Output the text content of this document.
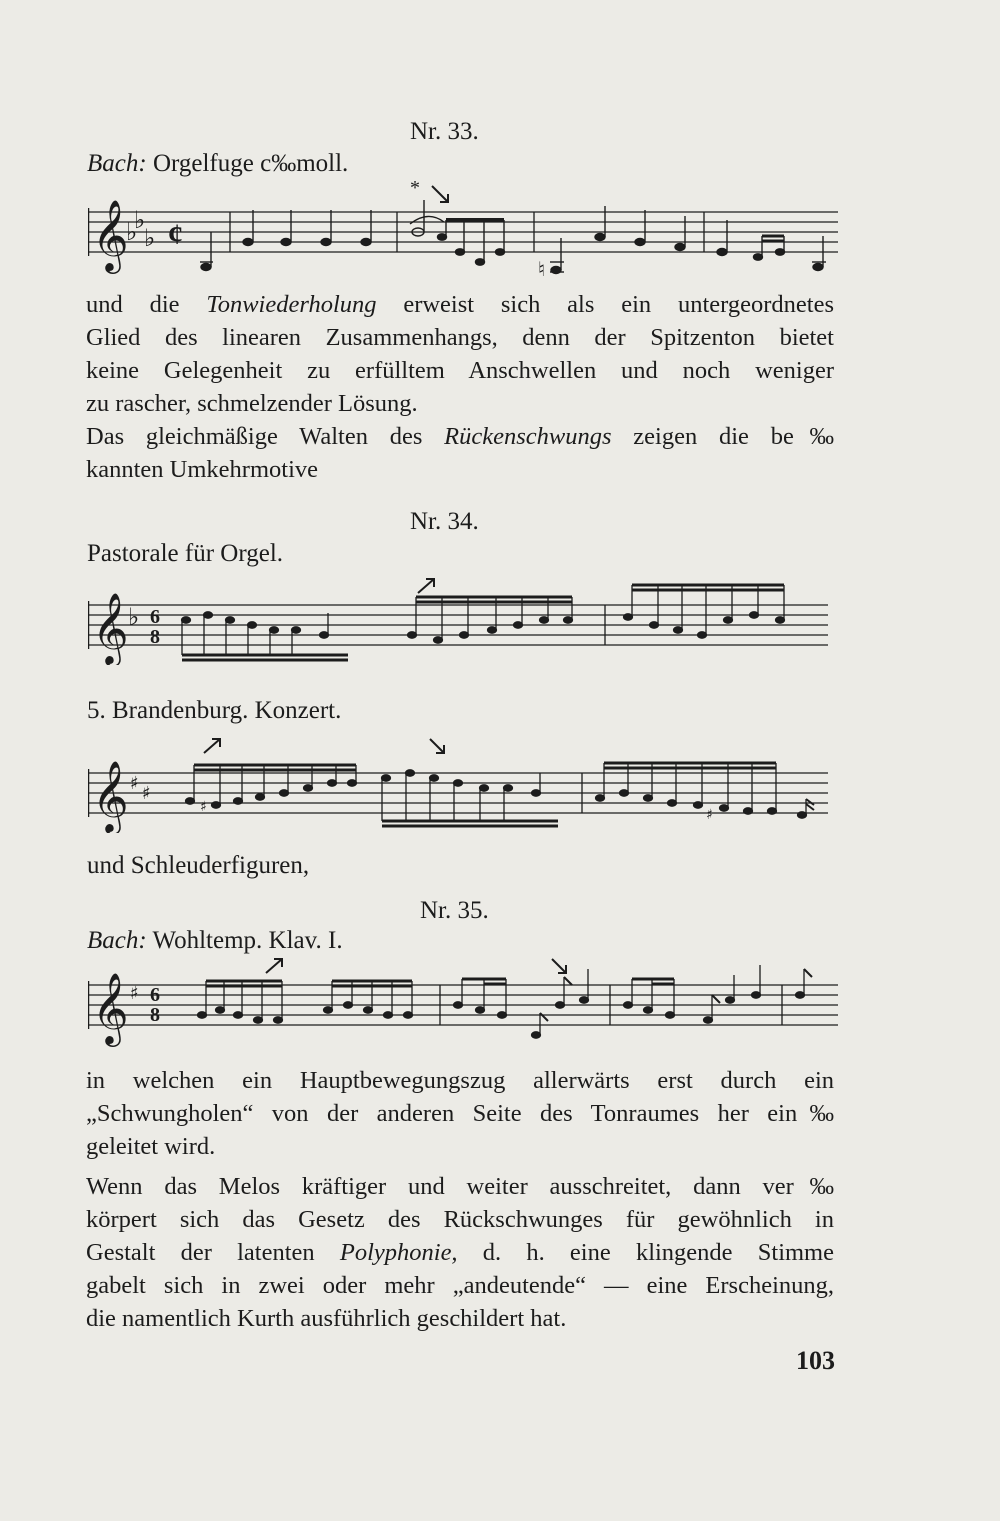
Nr. 33.
Bach: Orgelfuge c‰moll.
𝄞 ♭
♭
♭ ¢
♮
*
und die Tonwiederholung erweist sich als ein untergeordnetes
Glied des linearen Zusammenhangs, denn der Spitzenton bietet
keine Gelegenheit zu erfülltem Anschwellen und noch weniger
zu rascher, schmelzender Lösung.
Das gleichmäßige Walten des Rückenschwungs zeigen die be‰
kannten Umkehrmotive
Nr. 34.
Pastorale für Orgel.
𝄞 ♭ 6
8
5. Brandenburg. Konzert.
𝄞 ♯ ♯
♯	♯
und Schleuderfiguren,
Nr. 35.
Bach: Wohltemp. Klav. I.
𝄞 ♯ 6
8
in welchen ein Hauptbewegungszug allerwärts erst durch ein
„Schwungholen“ von der anderen Seite des Tonraumes her ein‰
geleitet wird.
Wenn das Melos kräftiger und weiter ausschreitet, dann ver‰
körpert sich das Gesetz des Rückschwunges für gewöhnlich in
Gestalt der latenten Polyphonie, d. h. eine klingende Stimme
gabelt sich in zwei oder mehr „andeutende“ — eine Erscheinung,
die namentlich Kurth ausführlich geschildert hat.
103
